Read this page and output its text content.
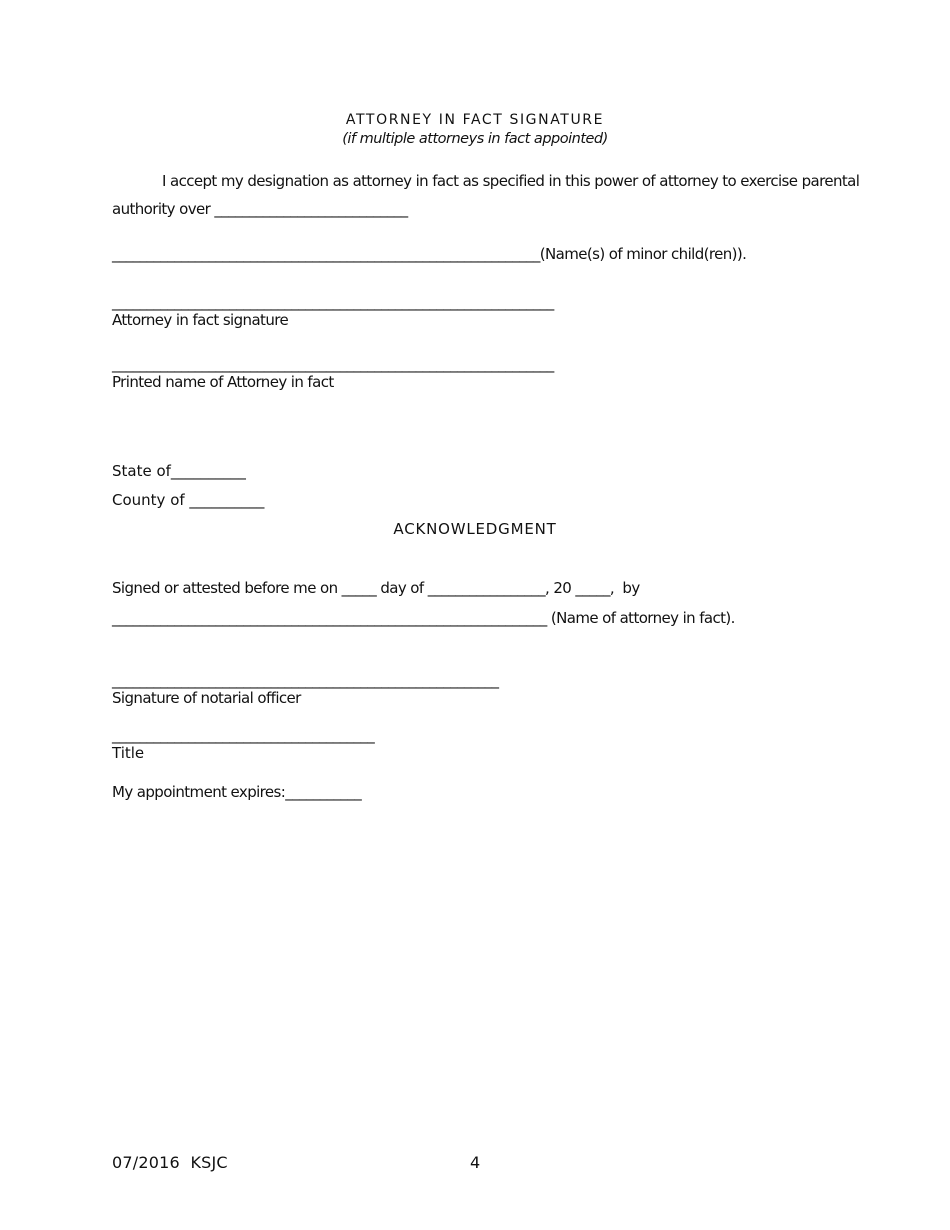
ATTORNEY IN FACT SIGNATURE
(if multiple attorneys in fact appointed)
I accept my designation as attorney in fact as specified in this power of attorney to exercise parental
authority over ____________________________
______________________________________________________________(Name(s) of minor child(ren)).
________________________________________________________________
Attorney in fact signature
________________________________________________________________
Printed name of Attorney in fact
State of__________
County of __________
ACKNOWLEDGMENT
Signed or attested before me on _____ day of _________________, 20 _____,  by
_______________________________________________________________ (Name of attorney in fact).
________________________________________________________
Signature of notarial officer
______________________________________
Title
My appointment expires:___________
07/2016  KSJC	4
